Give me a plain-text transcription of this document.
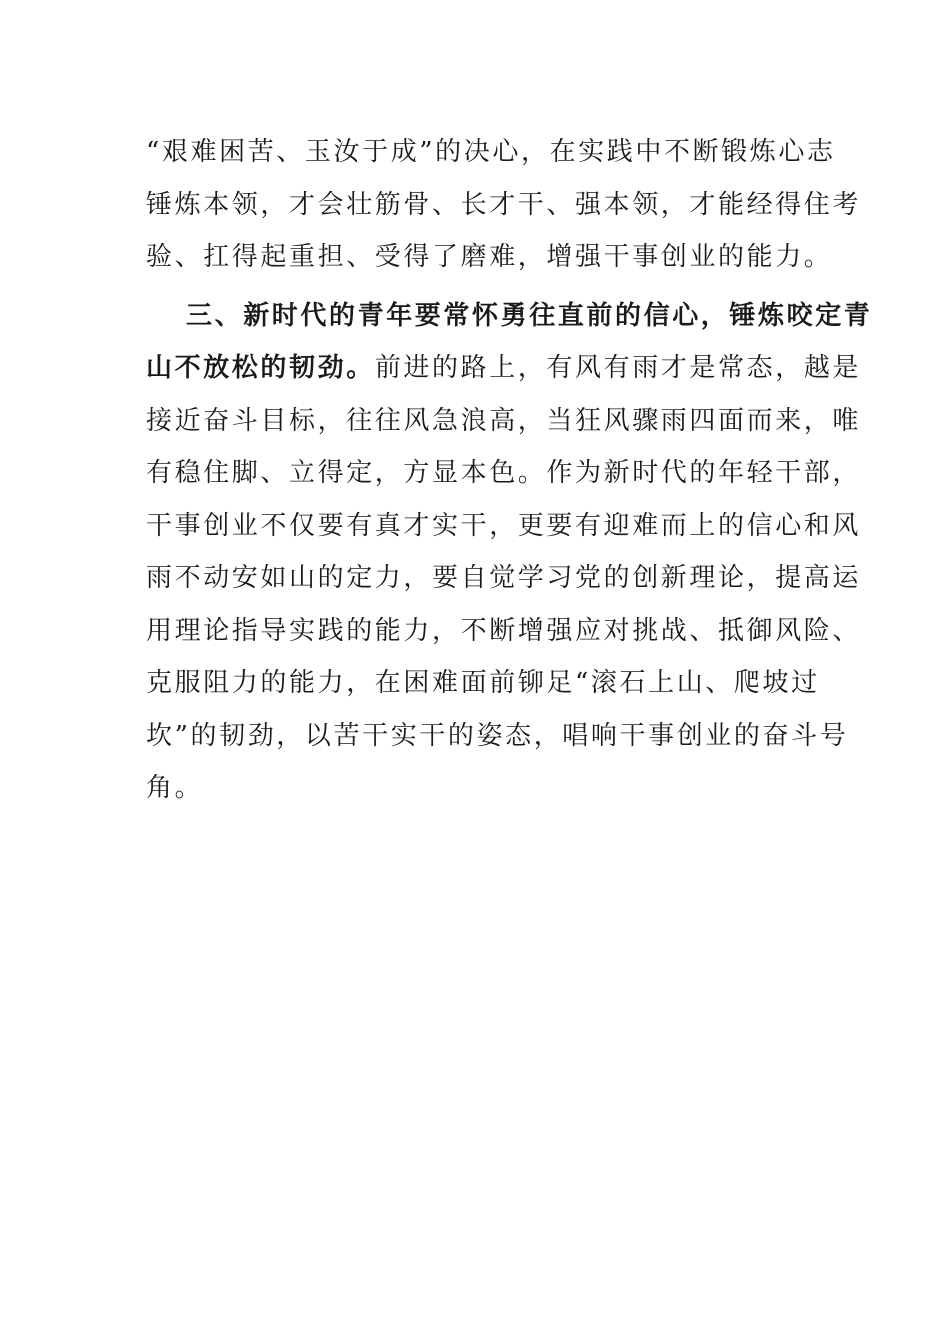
“艰难困苦、玉汝于成”的决心，在实践中不断锻炼心志
锤炼本领，才会壮筋骨、长才干、强本领，才能经得住考
验、扛得起重担、受得了磨难，增强干事创业的能力。
三、新时代的青年要常怀勇往直前的信心，锤炼咬定青
山不放松的韧劲。前进的路上，有风有雨才是常态，越是
接近奋斗目标，往往风急浪高，当狂风骤雨四面而来，唯
有稳住脚、立得定，方显本色。作为新时代的年轻干部，
干事创业不仅要有真才实干，更要有迎难而上的信心和风
雨不动安如山的定力，要自觉学习党的创新理论，提高运
用理论指导实践的能力，不断增强应对挑战、抵御风险、
克服阻力的能力，在困难面前铆足“滚石上山、爬坡过
坎”的韧劲，以苦干实干的姿态，唱响干事创业的奋斗号
角。
